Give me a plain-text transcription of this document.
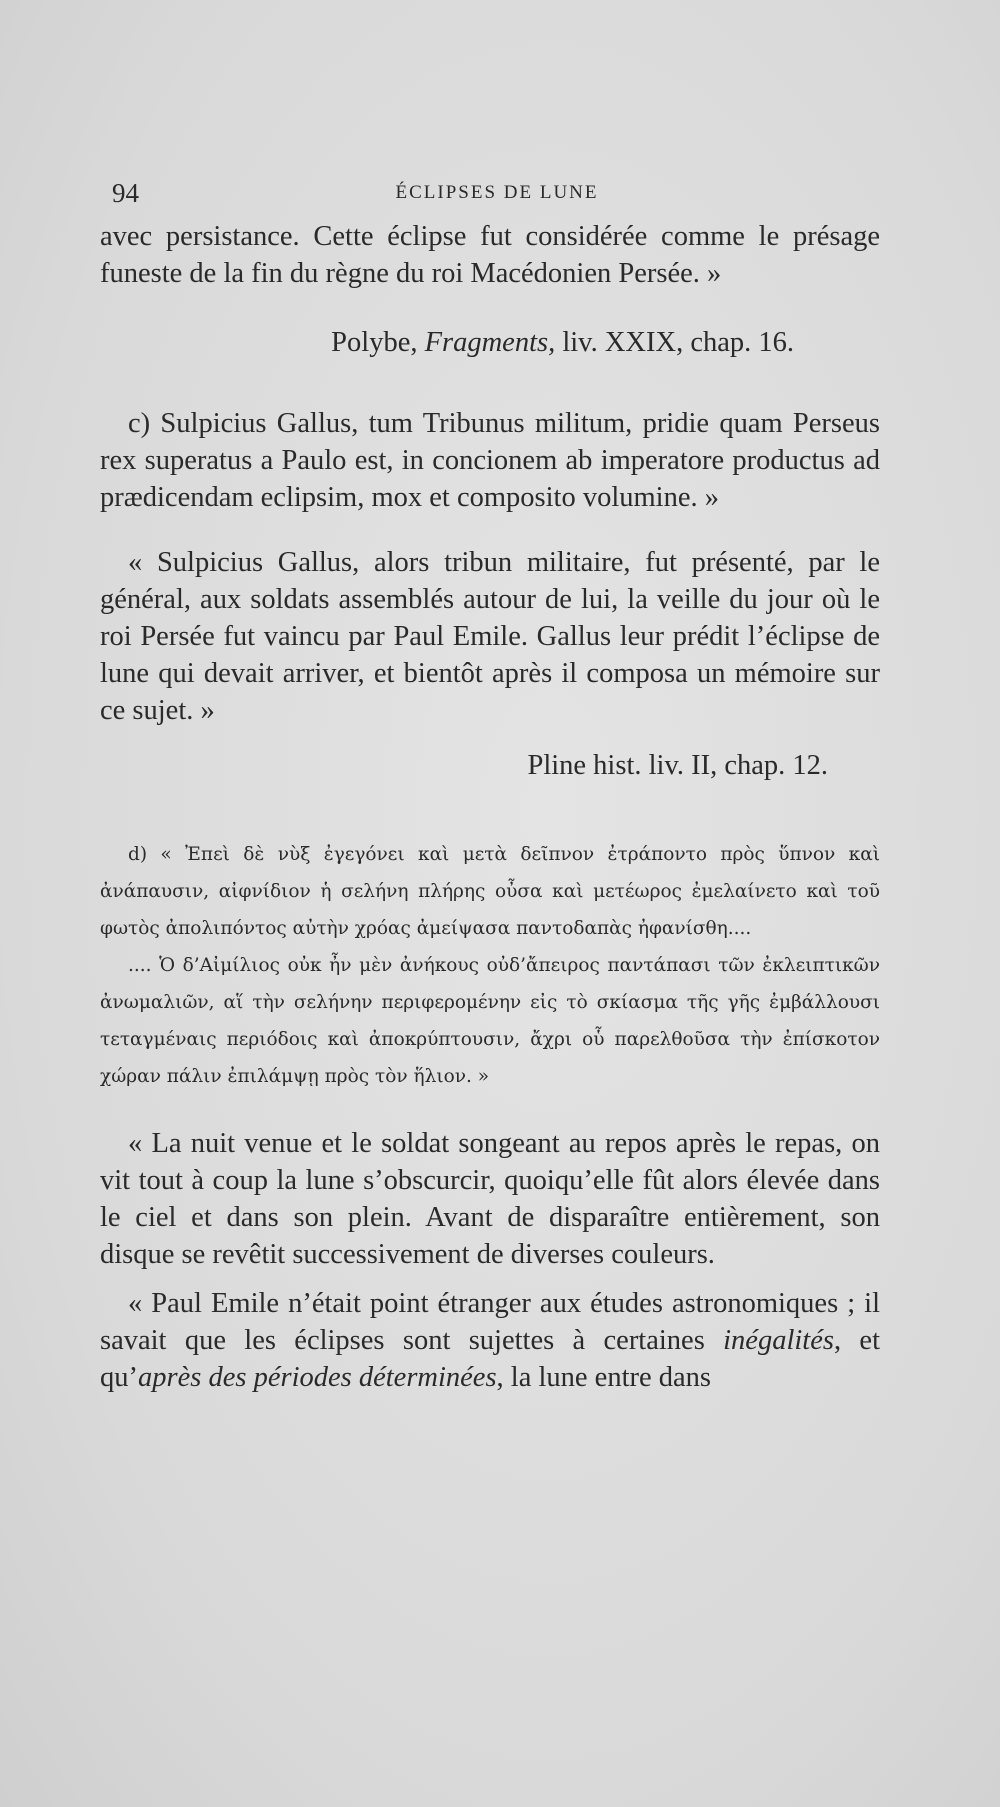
94	ÉCLIPSES DE LUNE

avec persistance. Cette éclipse fut considérée comme le présage funeste de la fin du règne du roi Macédonien Persée. »

Polybe, Fragments, liv. XXIX, chap. 16.

c) Sulpicius Gallus, tum Tribunus militum, pridie quam Perseus rex superatus a Paulo est, in concionem ab imperatore productus ad prædicendam eclipsim, mox et composito volumine. »

« Sulpicius Gallus, alors tribun militaire, fut présenté, par le général, aux soldats assemblés autour de lui, la veille du jour où le roi Persée fut vaincu par Paul Emile. Gallus leur prédit l’éclipse de lune qui devait arriver, et bientôt après il composa un mémoire sur ce sujet. »

Pline hist. liv. II, chap. 12.

d) « Ἐπεὶ δὲ νὺξ ἐγεγόνει καὶ μετὰ δεῖπνον ἐτράποντο πρὸς ὕπνον καὶ ἀνάπαυσιν, αἰφνίδιον ἡ σελήνη πλήρης οὖσα καὶ μετέωρος ἐμελαίνετο καὶ τοῦ φωτὸς ἀπολιπόντος αὐτὴν χρόας ἀμείψασα παντοδαπὰς ἠφανίσθη....

.... Ὁ δ’Αἰμίλιος οὐκ ἦν μὲν ἀνήκους οὐδ’ἄπειρος παντάπασι τῶν ἐκλειπτικῶν ἀνωμαλιῶν, αἵ τὴν σελήνην περιφερομένην εἰς τὸ σκίασμα τῆς γῆς ἐμβάλλουσι τεταγμέναις περιόδοις καὶ ἀποκρύπτουσιν, ἄχρι οὗ παρελθοῦσα τὴν ἐπίσκοτον χώραν πάλιν ἐπιλάμψῃ πρὸς τὸν ἥλιον. »

« La nuit venue et le soldat songeant au repos après le repas, on vit tout à coup la lune s’obscurcir, quoiqu’elle fût alors élevée dans le ciel et dans son plein. Avant de disparaître entièrement, son disque se revêtit successivement de diverses couleurs.

« Paul Emile n’était point étranger aux études astronomiques ; il savait que les éclipses sont sujettes à certaines inégalités, et qu’après des périodes déterminées, la lune entre dans
